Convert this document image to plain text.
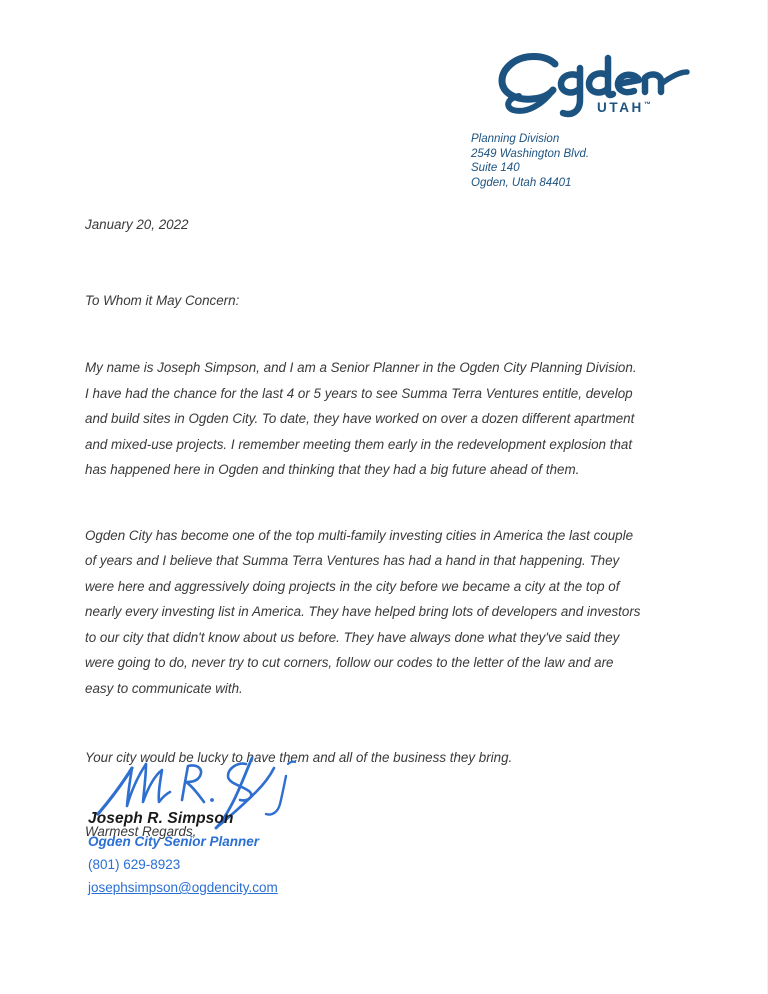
UTAH™
Planning Division
2549 Washington Blvd.
Suite 140
Ogden, Utah 84401

January 20, 2022

To Whom it May Concern:

My name is Joseph Simpson, and I am a Senior Planner in the Ogden City Planning Division. I have had the chance for the last 4 or 5 years to see Summa Terra Ventures entitle, develop and build sites in Ogden City. To date, they have worked on over a dozen different apartment and mixed-use projects. I remember meeting them early in the redevelopment explosion that has happened here in Ogden and thinking that they had a big future ahead of them.

Ogden City has become one of the top multi-family investing cities in America the last couple of years and I believe that Summa Terra Ventures has had a hand in that happening. They were here and aggressively doing projects in the city before we became a city at the top of nearly every investing list in America. They have helped bring lots of developers and investors to our city that didn't know about us before. They have always done what they've said they were going to do, never try to cut corners, follow our codes to the letter of the law and are easy to communicate with.

Your city would be lucky to have them and all of the business they bring.

Warmest Regards,

Joseph R. Simpson
Ogden City Senior Planner
(801) 629-8923
josephsimpson@ogdencity.com
